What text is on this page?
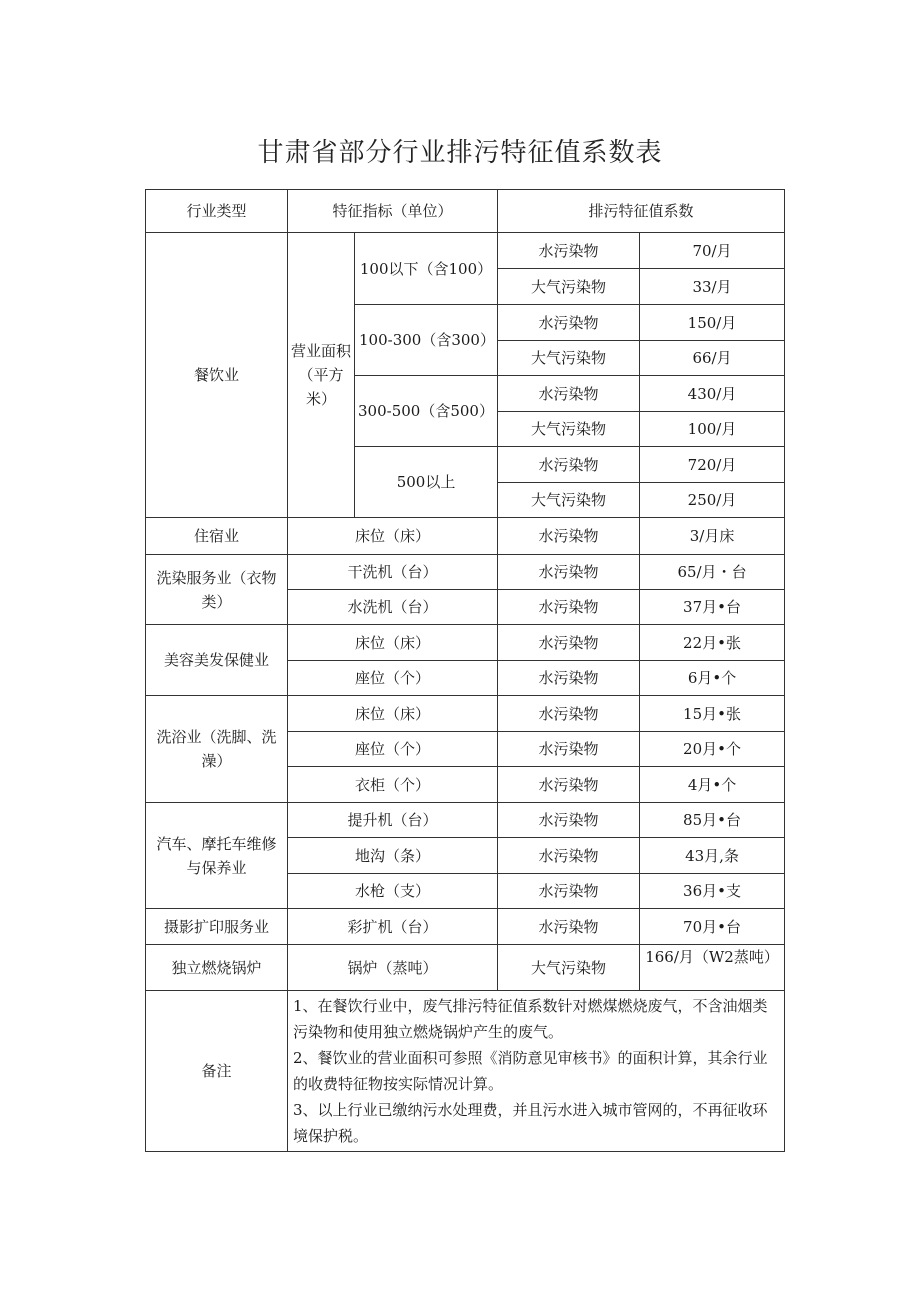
甘肃省部分行业排污特征值系数表
行业类型	特征指标（单位）		排污特征值系数	
餐饮业	营业面积（平方米）	100以下（含100）	水污染物	70/月
			大气污染物	33/月
		100-300（含300）	水污染物	150/月
			大气污染物	66/月
		300-500（含500）	水污染物	430/月
			大气污染物	100/月
		500以上	水污染物	720/月
			大气污染物	250/月
住宿业	床位（床）		水污染物	3/月床
洗染服务业（衣物类）	干洗机（台）		水污染物	65/月・台
	水洗机（台）		水污染物	37月•台
美容美发保健业	床位（床）		水污染物	22月•张
	座位（个）		水污染物	6月•个
洗浴业（洗脚、洗澡）	床位（床）		水污染物	15月•张
	座位（个）		水污染物	20月•个
	衣柜（个）		水污染物	4月•个
汽车、摩托车维修与保养业	提升机（台）		水污染物	85月•台
	地沟（条）		水污染物	43月,条
	水枪（支）		水污染物	36月•支
摄影扩印服务业	彩扩机（台）		水污染物	70月•台
独立燃烧锅炉	锅炉（蒸吨）		大气污染物	166/月（W2蒸吨）
备注	1、在餐饮行业中，废气排污特征值系数针对燃煤燃烧废气，不含油烟类污染物和使用独立燃烧锅炉产生的废气。
2、餐饮业的营业面积可参照《消防意见审核书》的面积计算，其余行业的收费特征物按实际情况计算。
3、以上行业已缴纳污水处理费，并且污水进入城市管网的，不再征收环境保护税。			
